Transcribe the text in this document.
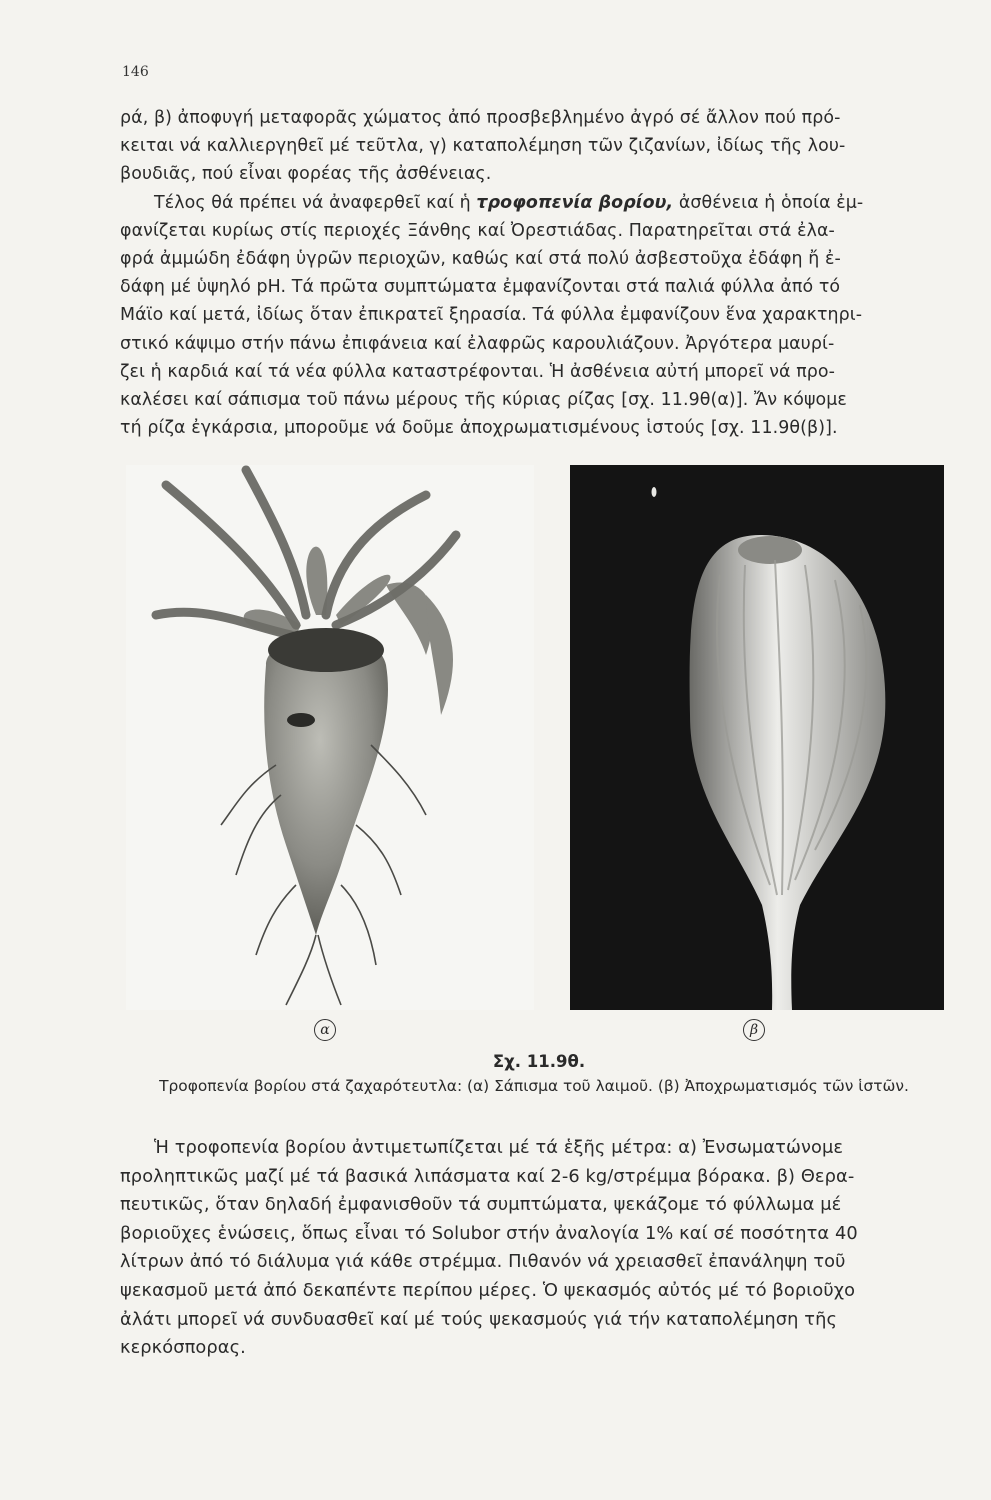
146

ρά, β) ἀποφυγή μεταφορᾶς χώματος ἀπό προσβεβλημένο ἀγρό σέ ἄλλον πού πρό-
κειται νά καλλιεργηθεῖ μέ τεῦτλα, γ) καταπολέμηση τῶν ζιζανίων, ἰδίως τῆς λου-
βουδιᾶς, πού εἶναι φορέας τῆς ἀσθένειας.
Τέλος θά πρέπει νά ἀναφερθεῖ καί ἡ τροφοπενία βορίου, ἀσθένεια ἡ ὁποία ἐμ-
φανίζεται κυρίως στίς περιοχές Ξάνθης καί Ὀρεστιάδας. Παρατηρεῖται στά ἐλα-
φρά ἀμμώδη ἐδάφη ὑγρῶν περιοχῶν, καθώς καί στά πολύ ἀσβεστοῦχα ἐδάφη ἤ ἐ-
δάφη μέ ὑψηλό pH. Τά πρῶτα συμπτώματα ἐμφανίζονται στά παλιά φύλλα ἀπό τό
Μάϊο καί μετά, ἰδίως ὅταν ἐπικρατεῖ ξηρασία. Τά φύλλα ἐμφανίζουν ἕνα χαρακτηρι-
στικό κάψιμο στήν πάνω ἐπιφάνεια καί ἐλαφρῶς καρουλιάζουν. Ἀργότερα μαυρί-
ζει ἡ καρδιά καί τά νέα φύλλα καταστρέφονται. Ἡ ἀσθένεια αὐτή μπορεῖ νά προ-
καλέσει καί σάπισμα τοῦ πάνω μέρους τῆς κύριας ρίζας [σχ. 11.9θ(α)]. Ἄν κόψομε
τή ρίζα ἐγκάρσια, μποροῦμε νά δοῦμε ἀποχρωματισμένους ἱστούς [σχ. 11.9θ(β)].

α	β
Σχ. 11.9θ.
Τροφοπενία βορίου στά ζαχαρότευτλα: (α) Σάπισμα τοῦ λαιμοῦ. (β) Ἀποχρωματισμός τῶν ἱστῶν.

Ἡ τροφοπενία βορίου ἀντιμετωπίζεται μέ τά ἑξῆς μέτρα: α) Ἐνσωματώνομε
προληπτικῶς μαζί μέ τά βασικά λιπάσματα καί 2-6 kg/στρέμμα βόρακα. β) Θερα-
πευτικῶς, ὅταν δηλαδή ἐμφανισθοῦν τά συμπτώματα, ψεκάζομε τό φύλλωμα μέ
βοριοῦχες ἑνώσεις, ὅπως εἶναι τό Solubor στήν ἀναλογία 1% καί σέ ποσότητα 40
λίτρων ἀπό τό διάλυμα γιά κάθε στρέμμα. Πιθανόν νά χρειασθεῖ ἐπανάληψη τοῦ
ψεκασμοῦ μετά ἀπό δεκαπέντε περίπου μέρες. Ὁ ψεκασμός αὐτός μέ τό βοριοῦχο
ἀλάτι μπορεῖ νά συνδυασθεῖ καί μέ τούς ψεκασμούς γιά τήν καταπολέμηση τῆς
κερκόσπορας.
